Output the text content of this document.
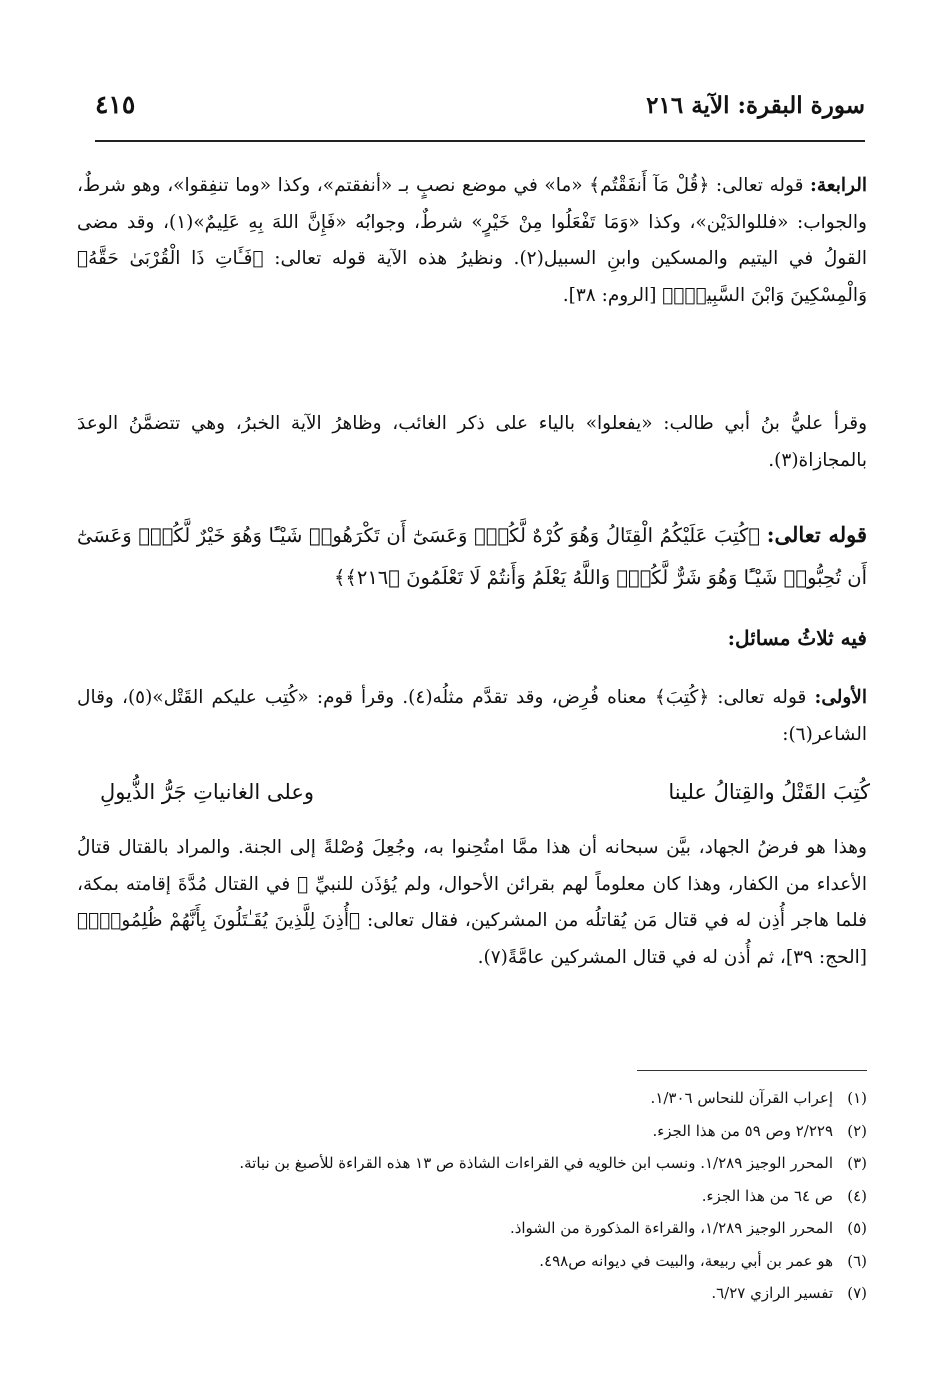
سورة البقرة: الآية ٢١٦
٤١٥
الرابعة: قوله تعالى: ﴿قُلْ مَآ أَنفَقْتُم﴾ «ما» في موضع نصبٍ بـ «أنفقتم»، وكذا «وما تنفِقوا»، وهو شرطٌ، والجواب: «فللوالدَيْن»، وكذا «وَمَا تَفْعَلُوا مِنْ خَيْرٍ» شرطٌ، وجوابُه «فَإِنَّ اللهَ بِهِ عَلِيمٌ»(١)، وقد مضى القولُ في اليتيم والمسكين وابنِ السبيل(٢). ونظيرُ هذه الآية قوله تعالى: ﴿فَـَٔاتِ ذَا الْقُرْبَىٰ حَقَّهُۥ وَالْمِسْكِينَ وَابْنَ السَّبِيلِۚ﴾ [الروم: ٣٨].
وقرأ عليُّ بنُ أبي طالب: «يفعلوا» بالياء على ذكر الغائب، وظاهرُ الآية الخبرُ، وهي تتضمَّنُ الوعدَ بالمجازاة(٣).
قوله تعالى: ﴿كُتِبَ عَلَيْكُمُ الْقِتَالُ وَهُوَ كُرْهٌ لَّكُمْۖ وَعَسَىٰٓ أَن تَكْرَهُوا۟ شَيْـًٔا وَهُوَ خَيْرٌ لَّكُمْۖ وَعَسَىٰٓ أَن تُحِبُّوا۟ شَيْـًٔا وَهُوَ شَرٌّ لَّكُمْۗ وَاللَّهُ يَعْلَمُ وَأَنتُمْ لَا تَعْلَمُونَ ﴿٢١٦﴾﴾
فيه ثلاثُ مسائل:
الأولى: قوله تعالى: ﴿كُتِبَ﴾ معناه فُرِض، وقد تقدَّم مثلُه(٤). وقرأ قوم: «كُتِب عليكم القَتْل»(٥)، وقال الشاعر(٦):
كُتِبَ القَتْلُ والقِتالُ علينا
وعلى الغانياتِ جَرُّ الذُّيولِ
وهذا هو فرضُ الجهاد، بيَّن سبحانه أن هذا ممَّا امتُحِنوا به، وجُعِلَ وُصْلةً إلى الجنة. والمراد بالقتال قتالُ الأعداء من الكفار، وهذا كان معلوماً لهم بقرائن الأحوال، ولم يُؤذَن للنبيِّ ﷺ في القتال مُدَّةَ إقامته بمكة، فلما هاجر أُذِن له في قتال مَن يُقاتلُه من المشركين، فقال تعالى: ﴿أُذِنَ لِلَّذِينَ يُقَـٰتَلُونَ بِأَنَّهُمْ ظُلِمُوا۟ۚ﴾ [الحج: ٣٩]، ثم أُذن له في قتال المشركين عامَّةً(٧).
(١)إعراب القرآن للنحاس ١/٣٠٦.
(٢)٢/٢٢٩ وص ٥٩ من هذا الجزء.
(٣)المحرر الوجيز ١/٢٨٩. ونسب ابن خالويه في القراءات الشاذة ص ١٣ هذه القراءة للأصبغ بن نباتة.
(٤)ص ٦٤ من هذا الجزء.
(٥)المحرر الوجيز ١/٢٨٩، والقراءة المذكورة من الشواذ.
(٦)هو عمر بن أبي ربيعة، والبيت في ديوانه ص٤٩٨.
(٧)تفسير الرازي ٦/٢٧.
